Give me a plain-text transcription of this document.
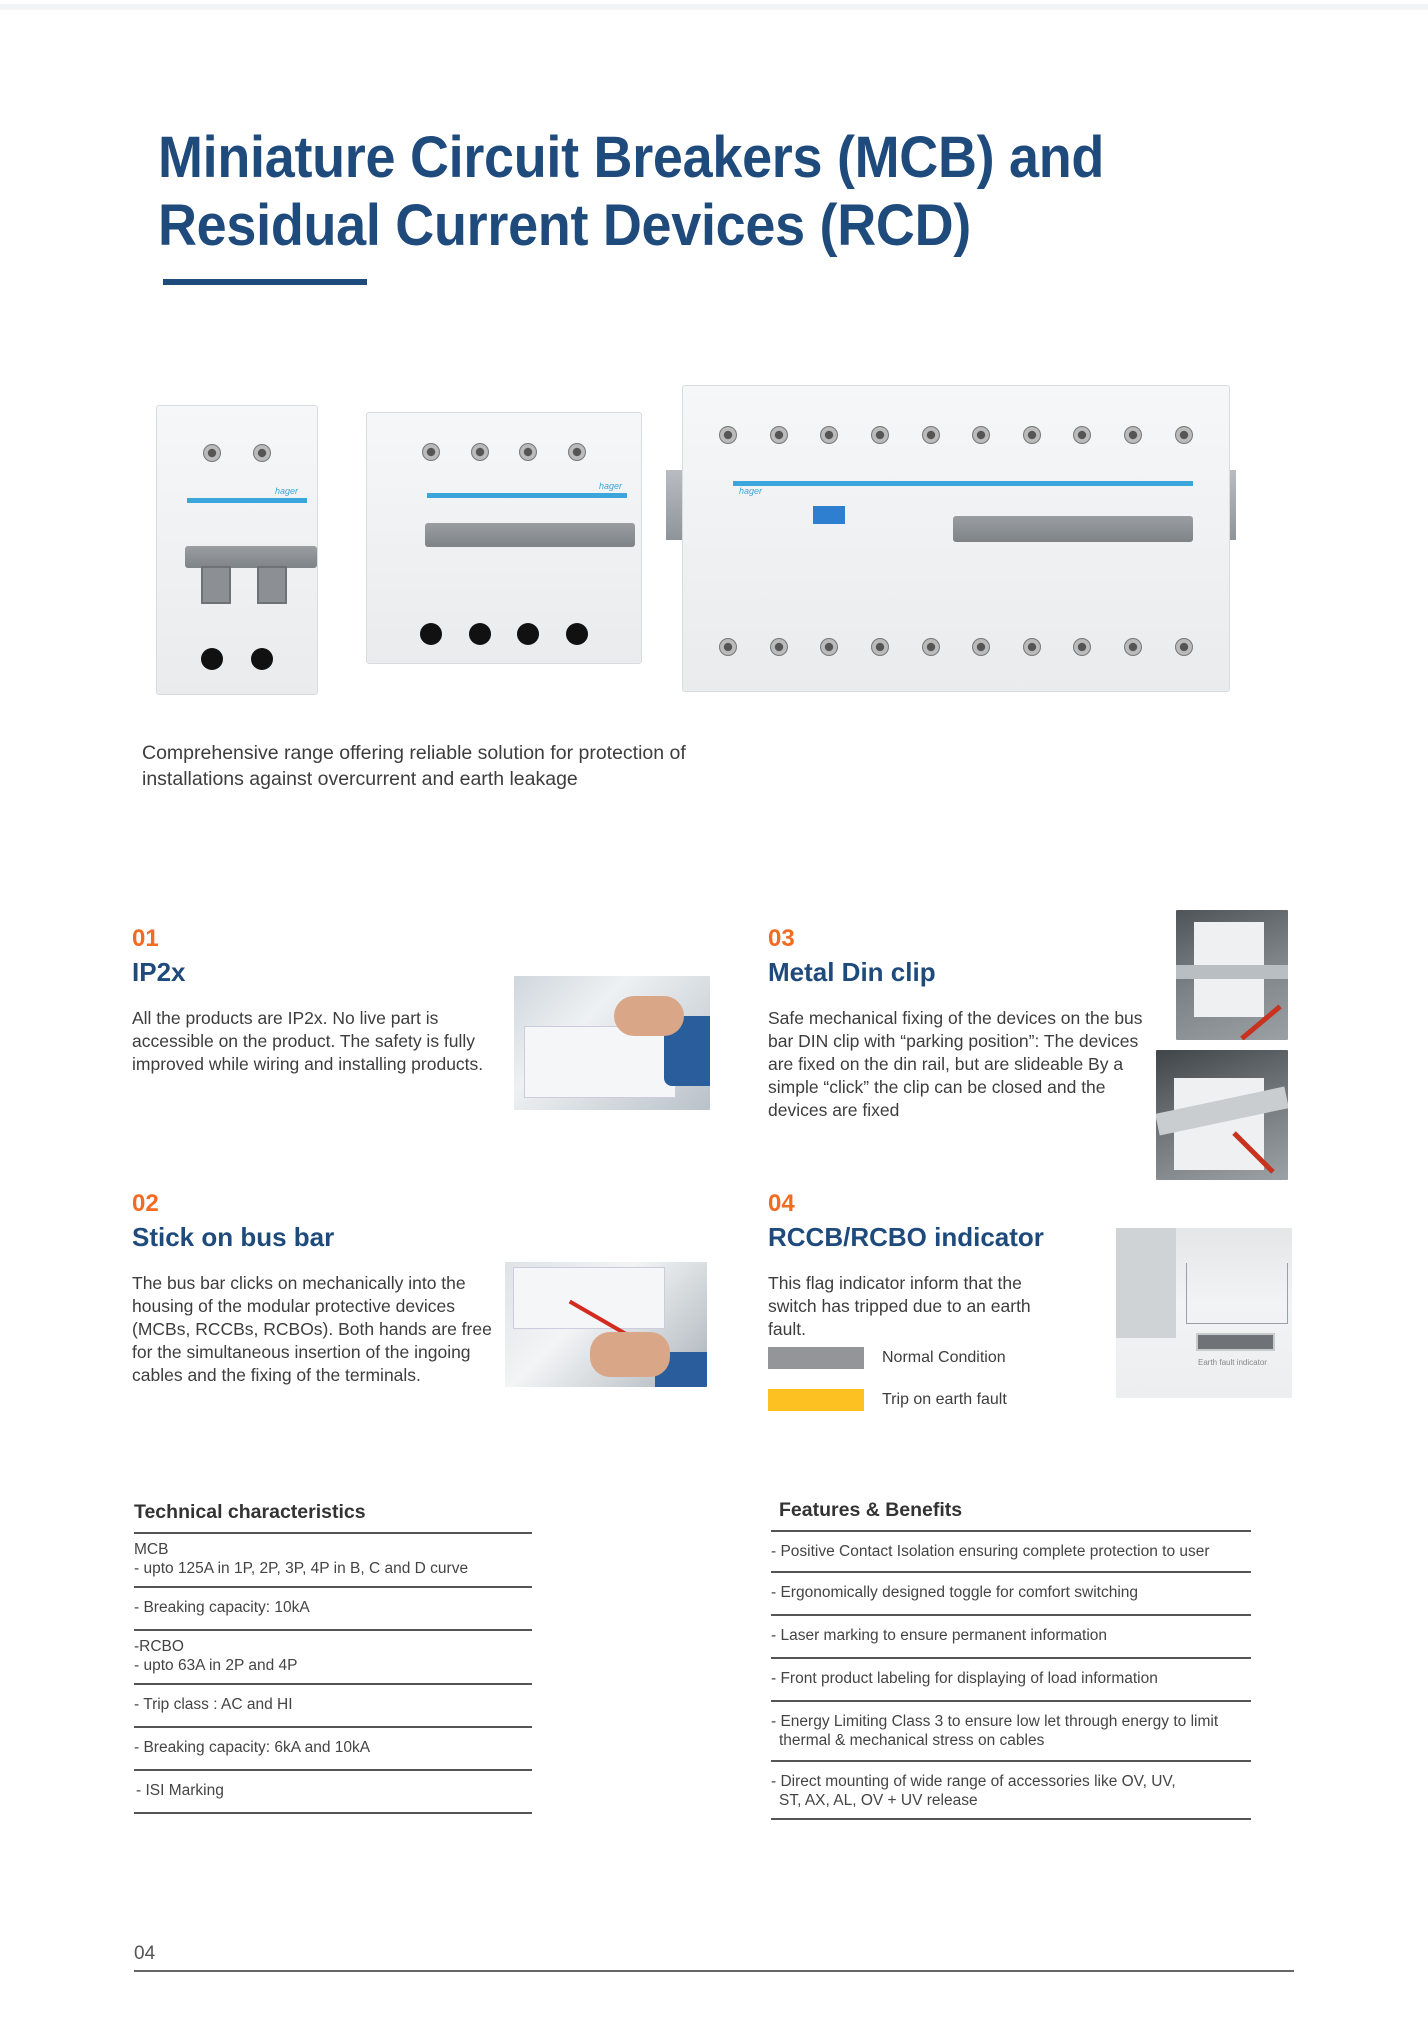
Miniature Circuit Breakers (MCB) and
Residual Current Devices (RCD)
hager	hager	hager

Comprehensive range offering reliable solution for protection of installations against overcurrent and earth leakage

01
IP2x
All the products are IP2x. No live part is accessible on the product. The safety is fully improved while wiring and installing products.
02
Stick on bus bar
The bus bar clicks on mechanically into the housing of the modular protective devices (MCBs, RCCBs, RCBOs). Both hands are free for the simultaneous insertion of the ingoing cables and the fixing of the terminals.
03
Metal Din clip
Safe mechanical fixing of the devices on the bus bar DIN clip with “parking position”: The devices are fixed on the din rail, but are slideable By a simple “click” the clip can be closed and the devices are fixed
04
RCCB/RCBO indicator
This flag indicator inform that the switch has tripped due to an earth fault.
Normal Condition
Trip on earth fault
Earth fault indicator
Technical characteristics
MCB
- upto 125A in 1P, 2P, 3P, 4P in B, C and D curve
- Breaking capacity: 10kA
-RCBO
- upto 63A in 2P and 4P
- Trip class : AC and HI
- Breaking capacity: 6kA and 10kA
- ISI Marking
Features & Benefits
- Positive Contact Isolation ensuring complete protection to user
- Ergonomically designed toggle for comfort switching
- Laser marking to ensure permanent information
- Front product labeling for displaying of load information
- Energy Limiting Class 3 to ensure low let through energy to limit
thermal & mechanical stress on cables
- Direct mounting of wide range of accessories like OV, UV,
ST, AX, AL, OV + UV release
04
